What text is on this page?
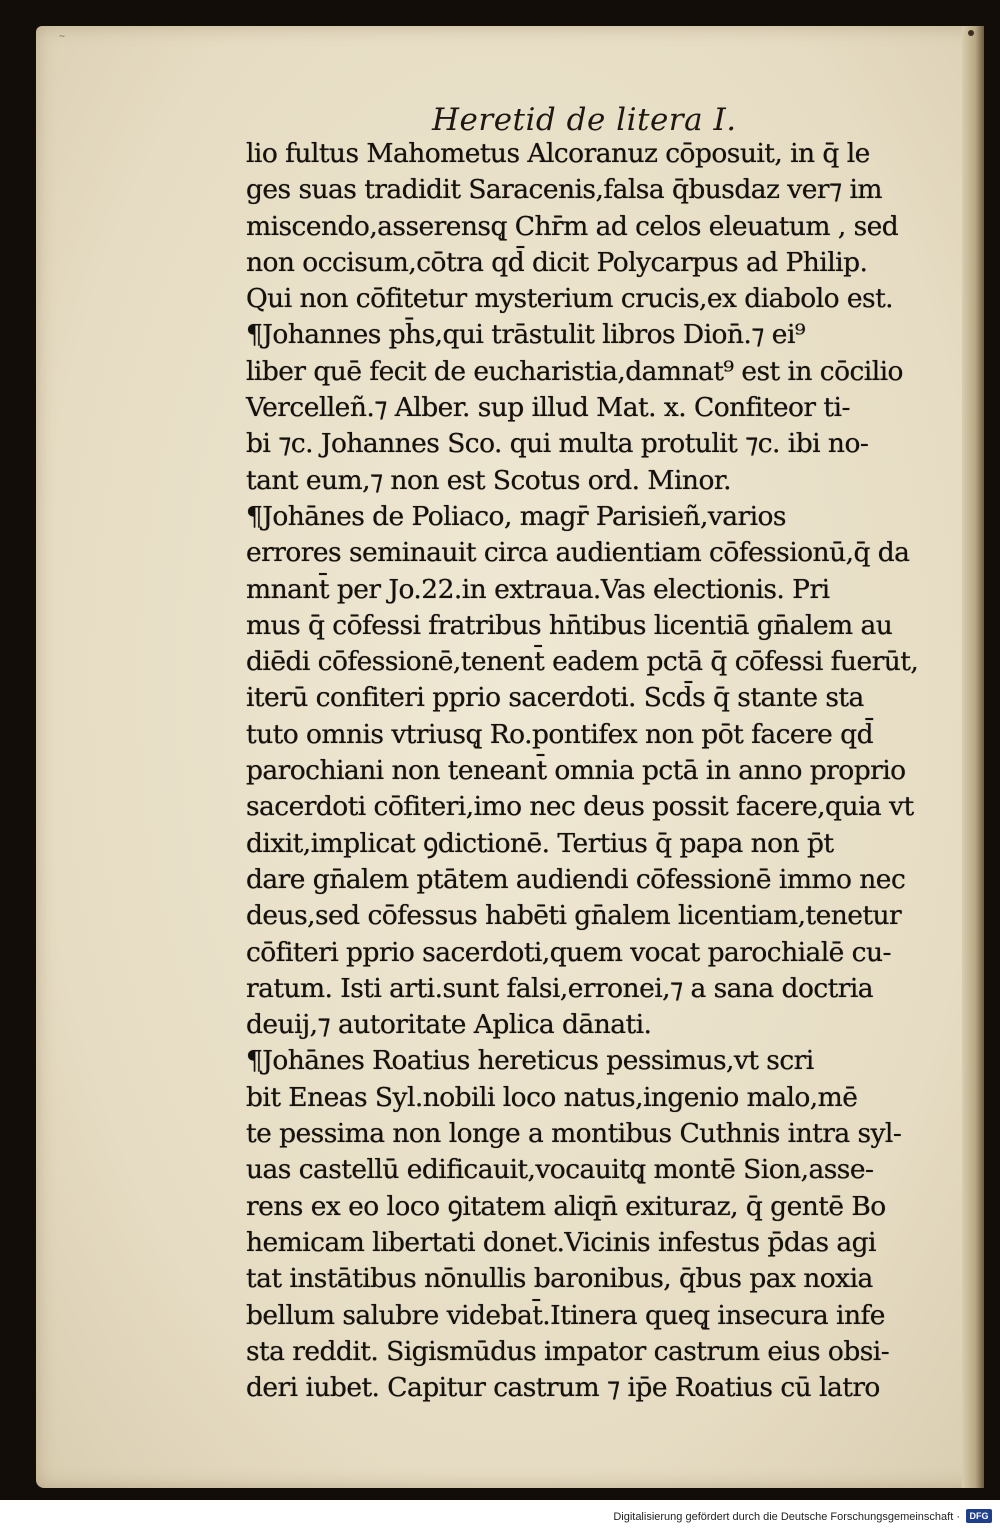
˜
Heretid de litera I.
lio fultus Mahometus Alcoranuz cōposuit, in q̄ le
ges suas tradidit Saracenis,falsa q̄busdaz ver⁊ im
miscendo,asserensq̨ Chr̄m ad celos eleuatum , sed
non occisum,cōtra qd̄ dicit Polycarpus ad Philip.
Qui non cōfitetur mysterium crucis,ex diabolo est.
¶Johannes ph̄s,qui trāstulit libros Dion̄.⁊ ei⁹
liber quē fecit de eucharistia,damnat⁹ est in cōcilio
Vercelleñ.⁊ Alber. sup illud Mat. x. Confiteor ti-
bi ⁊c. Johannes Sco. qui multa protulit ⁊c. ibi no-
tant eum,⁊ non est Scotus ord. Minor.
¶Johānes de Poliaco, magr̄ Parisieñ,varios
errores seminauit circa audientiam cōfessionū,q̄ da
mnant̄ per Jo.22.in extraua.Vas electionis. Pri
mus q̄ cōfessi fratribus hn̄tibus licentiā gn̄alem au
diēdi cōfessionē,tenent̄ eadem pctā q̄ cōfessi fuerūt,
iterū confiteri pprio sacerdoti. Scd̄s q̄ stante sta
tuto omnis vtriusq̨ Ro.pontifex non pōt facere qd̄
parochiani non teneant̄ omnia pctā in anno proprio
sacerdoti cōfiteri,imo nec deus possit facere,quia vt
dixit,implicat ꝯdictionē. Tertius q̄ papa non p̄t
dare gn̄alem ptātem audiendi cōfessionē immo nec
deus,sed cōfessus habēti gn̄alem licentiam,tenetur
cōfiteri pprio sacerdoti,quem vocat parochialē cu-
ratum. Isti arti.sunt falsi,erronei,⁊ a sana doctria
deuij,⁊ autoritate Aplica dānati.
¶Johānes Roatius hereticus pessimus,vt scri
bit Eneas Syl.nobili loco natus,ingenio malo,mē
te pessima non longe a montibus Cuthnis intra syl-
uas castellū edificauit,vocauitq̨ montē Sion,asse-
rens ex eo loco ꝯitatem aliqn̄ exituraz, q̄ gentē Bo
hemicam libertati donet.Vicinis infestus p̄das agi
tat instātibus nōnullis baronibus, q̄bus pax noxia
bellum salubre videbat̄.Itinera queq̨ insecura infe
sta reddit. Sigismūdus impator castrum eius obsi-
deri iubet. Capitur castrum ⁊ ip̄e Roatius cū latro
Digitalisierung gefördert durch die Deutsche Forschungsgemeinschaft ·	DFG
